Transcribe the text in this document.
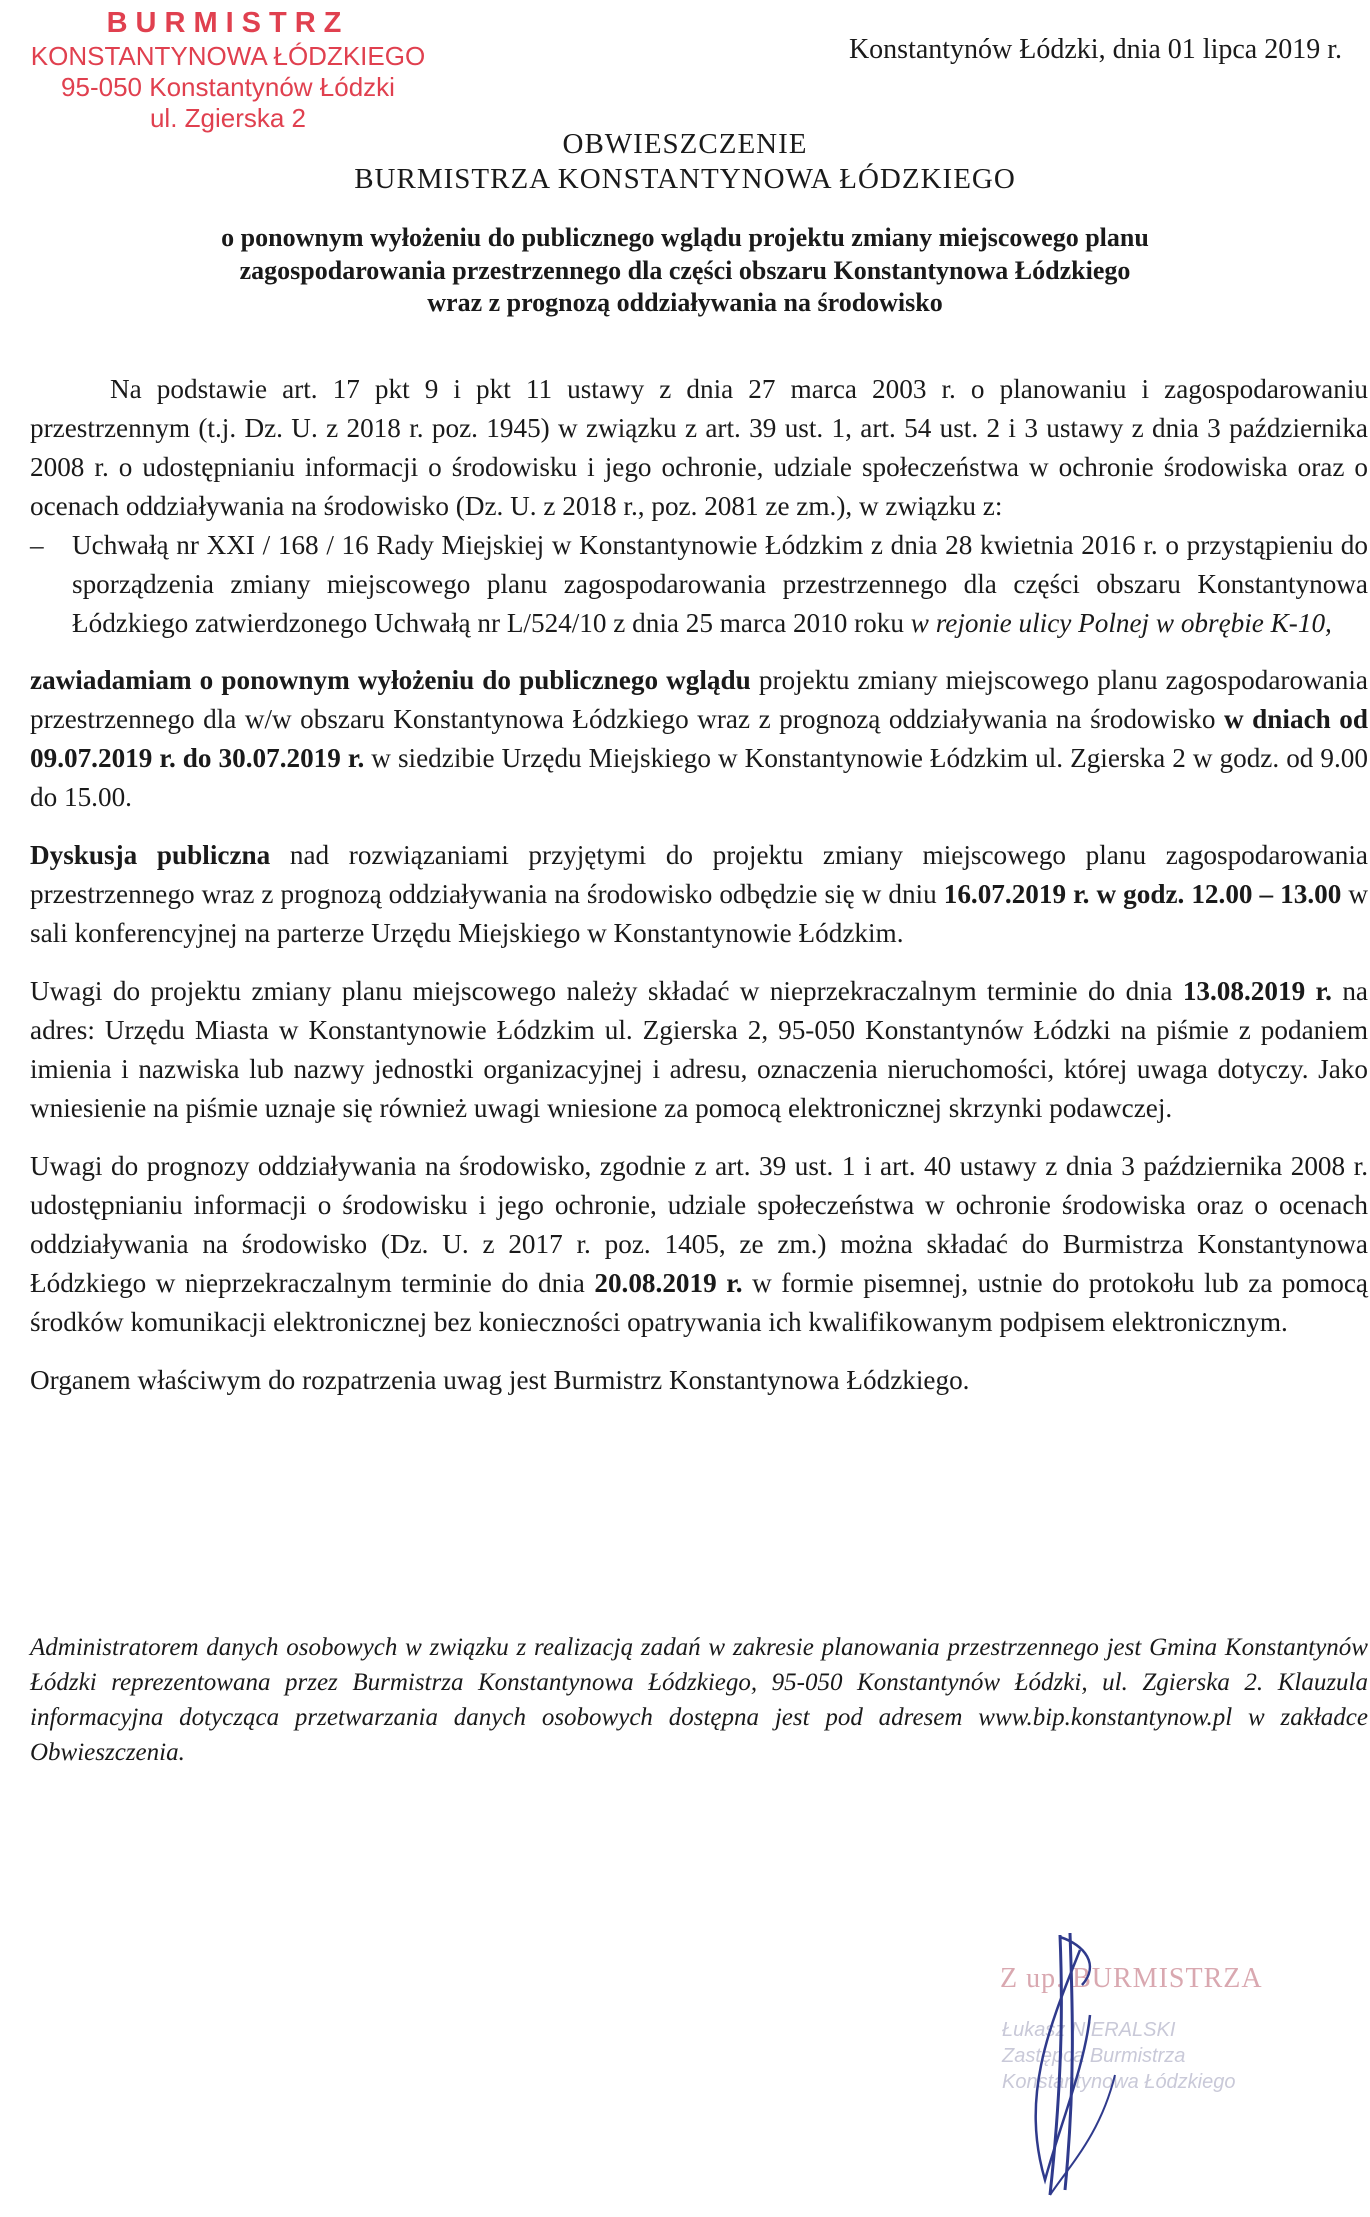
BURMISTRZ
KONSTANTYNOWA ŁÓDZKIEGO
95-050 Konstantynów Łódzki
ul. Zgierska 2
Konstantynów Łódzki, dnia 01 lipca 2019 r.
OBWIESZCZENIE
BURMISTRZA KONSTANTYNOWA ŁÓDZKIEGO
o ponownym wyłożeniu do publicznego wglądu projektu zmiany miejscowego planu
zagospodarowania przestrzennego dla części obszaru Konstantynowa Łódzkiego
wraz z prognozą oddziaływania na środowisko

Na podstawie art. 17 pkt 9 i pkt 11 ustawy z dnia 27 marca 2003 r. o planowaniu i zagospodarowaniu przestrzennym (t.j. Dz. U. z 2018 r. poz. 1945) w związku z art. 39 ust. 1, art. 54 ust. 2 i 3 ustawy z dnia 3 października 2008 r. o udostępnianiu informacji o środowisku i jego ochronie, udziale społeczeństwa w ochronie środowiska oraz o ocenach oddziaływania na środowisko (Dz. U. z 2018 r., poz. 2081 ze zm.), w związku z:

–	Uchwałą nr XXI / 168 / 16 Rady Miejskiej w Konstantynowie Łódzkim z dnia 28 kwietnia 2016 r. o przystąpieniu do sporządzenia zmiany miejscowego planu zagospodarowania przestrzennego dla części obszaru Konstantynowa Łódzkiego zatwierdzonego Uchwałą nr L/524/10 z dnia 25 marca 2010 roku w rejonie ulicy Polnej w obrębie K-10,

zawiadamiam o ponownym wyłożeniu do publicznego wglądu projektu zmiany miejscowego planu zagospodarowania przestrzennego dla w/w obszaru Konstantynowa Łódzkiego wraz z prognozą oddziaływania na środowisko w dniach od 09.07.2019 r. do 30.07.2019 r. w siedzibie Urzędu Miejskiego w Konstantynowie Łódzkim ul. Zgierska 2 w godz. od 9.00 do 15.00.

Dyskusja publiczna nad rozwiązaniami przyjętymi do projektu zmiany miejscowego planu zagospodarowania przestrzennego wraz z prognozą oddziaływania na środowisko odbędzie się w dniu 16.07.2019 r. w godz. 12.00 – 13.00 w sali konferencyjnej na parterze Urzędu Miejskiego w Konstantynowie Łódzkim.

Uwagi do projektu zmiany planu miejscowego należy składać w nieprzekraczalnym terminie do dnia 13.08.2019 r. na adres: Urzędu Miasta w Konstantynowie Łódzkim ul. Zgierska 2, 95-050 Konstantynów Łódzki na piśmie z podaniem imienia i nazwiska lub nazwy jednostki organizacyjnej i adresu, oznaczenia nieruchomości, której uwaga dotyczy. Jako wniesienie na piśmie uznaje się również uwagi wniesione za pomocą elektronicznej skrzynki podawczej.

Uwagi do prognozy oddziaływania na środowisko, zgodnie z art. 39 ust. 1 i art. 40 ustawy z dnia 3 października 2008 r. udostępnianiu informacji o środowisku i jego ochronie, udziale społeczeństwa w ochronie środowiska oraz o ocenach oddziaływania na środowisko (Dz. U. z 2017 r. poz. 1405, ze zm.) można składać do Burmistrza Konstantynowa Łódzkiego w nieprzekraczalnym terminie do dnia 20.08.2019 r. w formie pisemnej, ustnie do protokołu lub za pomocą środków komunikacji elektronicznej bez konieczności opatrywania ich kwalifikowanym podpisem elektronicznym.

Organem właściwym do rozpatrzenia uwag jest Burmistrz Konstantynowa Łódzkiego.

Administratorem danych osobowych w związku z realizacją zadań w zakresie planowania przestrzennego jest Gmina Konstantynów Łódzki reprezentowana przez Burmistrza Konstantynowa Łódzkiego, 95-050 Konstantynów Łódzki, ul. Zgierska 2. Klauzula informacyjna dotycząca przetwarzania danych osobowych dostępna jest pod adresem www.bip.konstantynow.pl w zakładce Obwieszczenia.
Z up. BURMISTRZA
Łukasz NIERALSKI
Zastępca Burmistrza
Konstantynowa Łódzkiego
